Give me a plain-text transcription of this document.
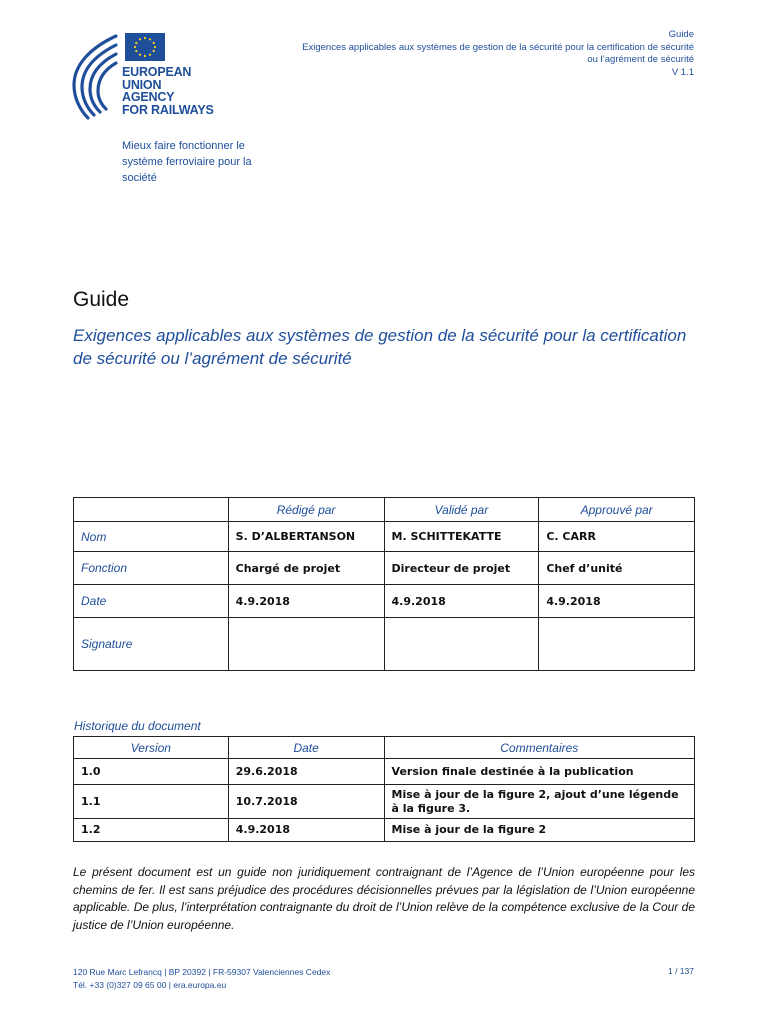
EUROPEAN
UNION
AGENCY
FOR RAILWAYS
Mieux faire fonctionner le système ferroviaire pour la société
Guide
Exigences applicables aux systèmes de gestion de la sécurité pour la certification de sécurité
ou l’agrément de sécurité
V 1.1
Guide
Exigences applicables aux systèmes de gestion de la sécurité pour la certification de sécurité ou l’agrément de sécurité
	Rédigé par	Validé par	Approuvé par
Nom	S. D’ALBERTANSON	M. SCHITTEKATTE	C. CARR
Fonction	Chargé de projet	Directeur de projet	Chef d’unité
Date	4.9.2018	4.9.2018	4.9.2018
Signature			
Historique du document
Version	Date	Commentaires
1.0	29.6.2018	Version finale destinée à la publication
1.1	10.7.2018	Mise à jour de la figure 2, ajout d’une légende à la figure 3.
1.2	4.9.2018	Mise à jour de la figure 2
Le présent document est un guide non juridiquement contraignant de l’Agence de l’Union européenne pour les chemins de fer. Il est sans préjudice des procédures décisionnelles prévues par la législation de l’Union européenne applicable. De plus, l’interprétation contraignante du droit de l’Union relève de la compétence exclusive de la Cour de justice de l’Union européenne.
120 Rue Marc Lefrancq | BP 20392 | FR-59307 Valenciennes Cedex
Tél. +33 (0)327 09 65 00 | era.europa.eu
1 / 137
